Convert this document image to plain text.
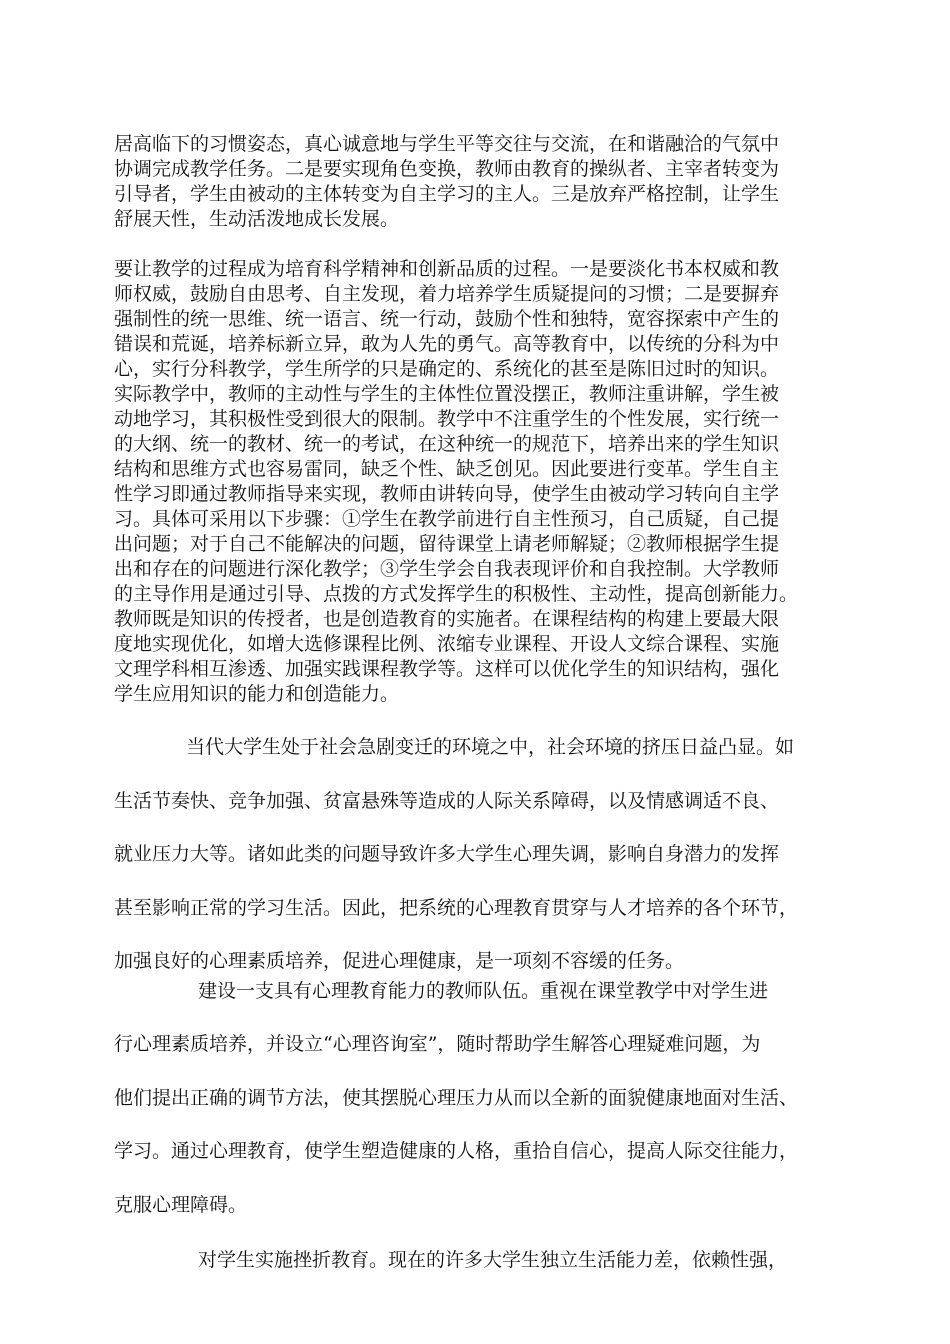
居高临下的习惯姿态，真心诚意地与学生平等交往与交流，在和谐融洽的气氛中
协调完成教学任务。二是要实现角色变换，教师由教育的操纵者、主宰者转变为
引导者，学生由被动的主体转变为自主学习的主人。三是放弃严格控制，让学生
舒展天性，生动活泼地成长发展。
要让教学的过程成为培育科学精神和创新品质的过程。一是要淡化书本权威和教
师权威，鼓励自由思考、自主发现，着力培养学生质疑提问的习惯；二是要摒弃
强制性的统一思维、统一语言、统一行动，鼓励个性和独特，宽容探索中产生的
错误和荒诞，培养标新立异，敢为人先的勇气。高等教育中，以传统的分科为中
心，实行分科教学，学生所学的只是确定的、系统化的甚至是陈旧过时的知识。
实际教学中，教师的主动性与学生的主体性位置没摆正，教师注重讲解，学生被
动地学习，其积极性受到很大的限制。教学中不注重学生的个性发展，实行统一
的大纲、统一的教材、统一的考试，在这种统一的规范下，培养出来的学生知识
结构和思维方式也容易雷同，缺乏个性、缺乏创见。因此要进行变革。学生自主
性学习即通过教师指导来实现，教师由讲转向导，使学生由被动学习转向自主学
习。具体可采用以下步骤：①学生在教学前进行自主性预习，自己质疑，自己提
出问题；对于自己不能解决的问题，留待课堂上请老师解疑；②教师根据学生提
出和存在的问题进行深化教学；③学生学会自我表现评价和自我控制。大学教师
的主导作用是通过引导、点拨的方式发挥学生的积极性、主动性，提高创新能力。
教师既是知识的传授者，也是创造教育的实施者。在课程结构的构建上要最大限
度地实现优化，如增大选修课程比例、浓缩专业课程、开设人文综合课程、实施
文理学科相互渗透、加强实践课程教学等。这样可以优化学生的知识结构，强化
学生应用知识的能力和创造能力。
当代大学生处于社会急剧变迁的环境之中，社会环境的挤压日益凸显。如
生活节奏快、竞争加强、贫富悬殊等造成的人际关系障碍，以及情感调适不良、
就业压力大等。诸如此类的问题导致许多大学生心理失调，影响自身潜力的发挥
甚至影响正常的学习生活。因此，把系统的心理教育贯穿与人才培养的各个环节，
加强良好的心理素质培养，促进心理健康，是一项刻不容缓的任务。
建设一支具有心理教育能力的教师队伍。重视在课堂教学中对学生进
行心理素质培养，并设立“心理咨询室”，随时帮助学生解答心理疑难问题，为
他们提出正确的调节方法，使其摆脱心理压力从而以全新的面貌健康地面对生活、
学习。通过心理教育，使学生塑造健康的人格，重拾自信心，提高人际交往能力，
克服心理障碍。
对学生实施挫折教育。现在的许多大学生独立生活能力差，依赖性强，
